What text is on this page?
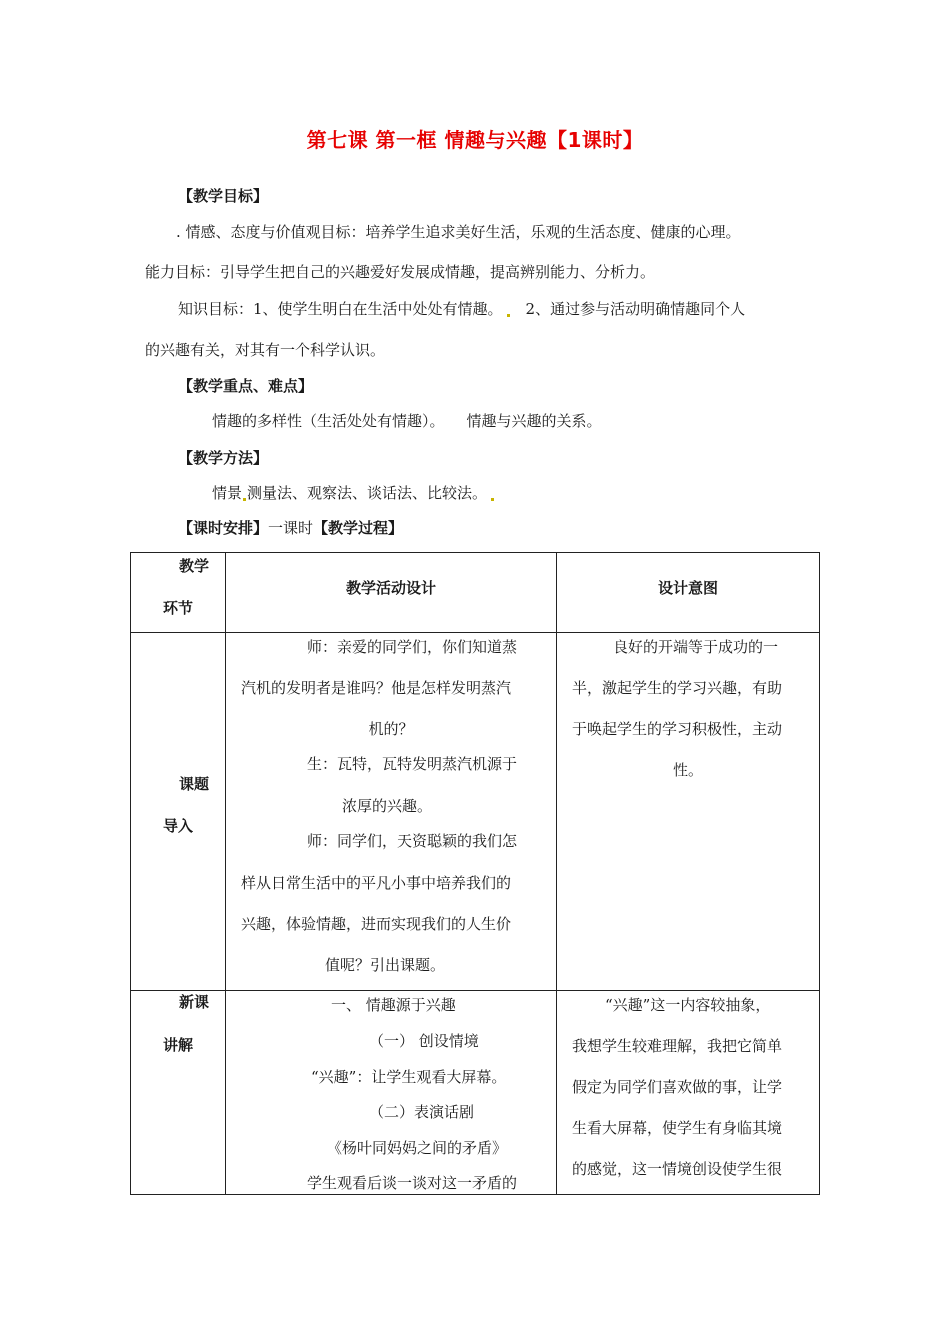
第七课 第一框 情趣与兴趣【1课时】
【教学目标】
. 情感、态度与价值观目标：培养学生追求美好生活，乐观的生活态度、健康的心理。
能力目标：引导学生把自己的兴趣爱好发展成情趣，提高辨别能力、分析力。
知识目标：1、使学生明白在生活中处处有情趣。 2、通过参与活动明确情趣同个人
的兴趣有关，对其有一个科学认识。
【教学重点、难点】
情趣的多样性（生活处处有情趣）。 情趣与兴趣的关系。
【教学方法】
情景 测量法、观察法、谈话法、比较法。
【课时安排】一课时【教学过程】
教学
环节
教学活动设计	设计意图
课题
导入
师：亲爱的同学们，你们知道蒸
汽机的发明者是谁吗？他是怎样发明蒸汽
机的？
生：瓦特，瓦特发明蒸汽机源于
浓厚的兴趣。
师：同学们，天资聪颖的我们怎
样从日常生活中的平凡小事中培养我们的
兴趣，体验情趣，进而实现我们的人生价
值呢？引出课题。
良好的开端等于成功的一
半，激起学生的学习兴趣，有助
于唤起学生的学习积极性，主动
性。
新课
讲解
一、 情趣源于兴趣
（一） 创设情境
“兴趣”：让学生观看大屏幕。
（二）表演话剧
《杨叶同妈妈之间的矛盾》
学生观看后谈一谈对这一矛盾的
“兴趣”这一内容较抽象，
我想学生较难理解，我把它简单
假定为同学们喜欢做的事，让学
生看大屏幕，使学生有身临其境
的感觉，这一情境创设使学生很
